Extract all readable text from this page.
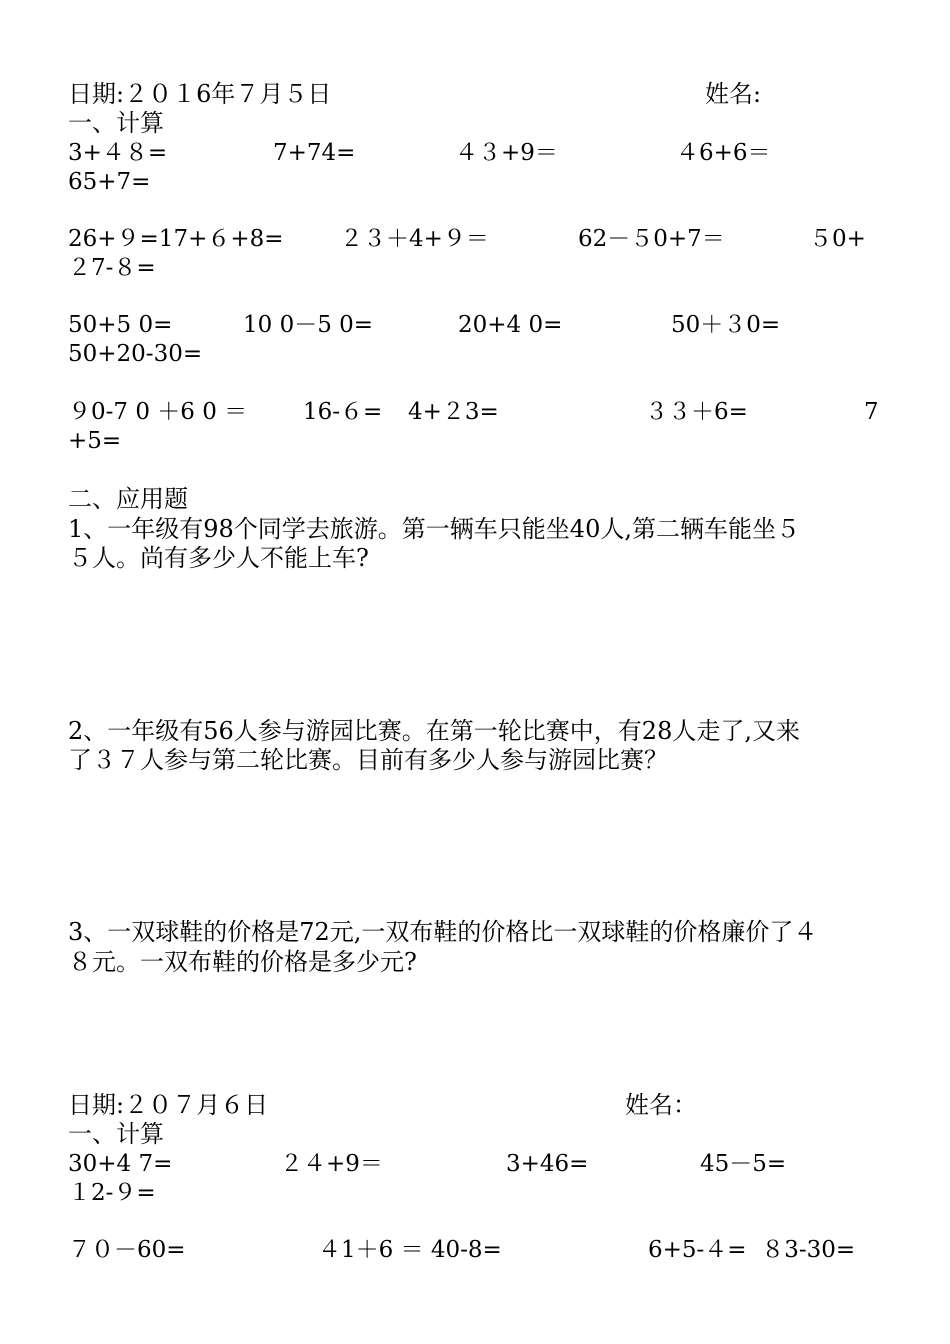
日期:２０１6年７月５日	姓名:
一、计算
3+４８=	7+74=	４３+9＝	４6+6＝
65+7=
26+９=17+６+8= ２３＋4+９＝	62－５0+7＝	５0+
２7-８=
50+5 0=	10 0－5 0=	20+4 0=	50＋３0=
50+20-30=
９0-7 0 ＋6 0 ＝ 16-６= 4+２3=	３３＋6=	7
+5=
二、应用题
1、一年级有98个同学去旅游。第一辆车只能坐40人,第二辆车能坐５
５人。尚有多少人不能上车?
2、一年级有56人参与游园比赛。在第一轮比赛中，有28人走了,又来
了３７人参与第二轮比赛。目前有多少人参与游园比赛？
3、一双球鞋的价格是72元,一双布鞋的价格比一双球鞋的价格廉价了４
８元。一双布鞋的价格是多少元?
日期:２０７月６日	姓名：
一、计算
30+4 7=	２４+9＝	3+46=	45－5=
１2-９=
７０－60=	４1＋6 ＝ 40-8=	6+5-４=  ８3-30=
